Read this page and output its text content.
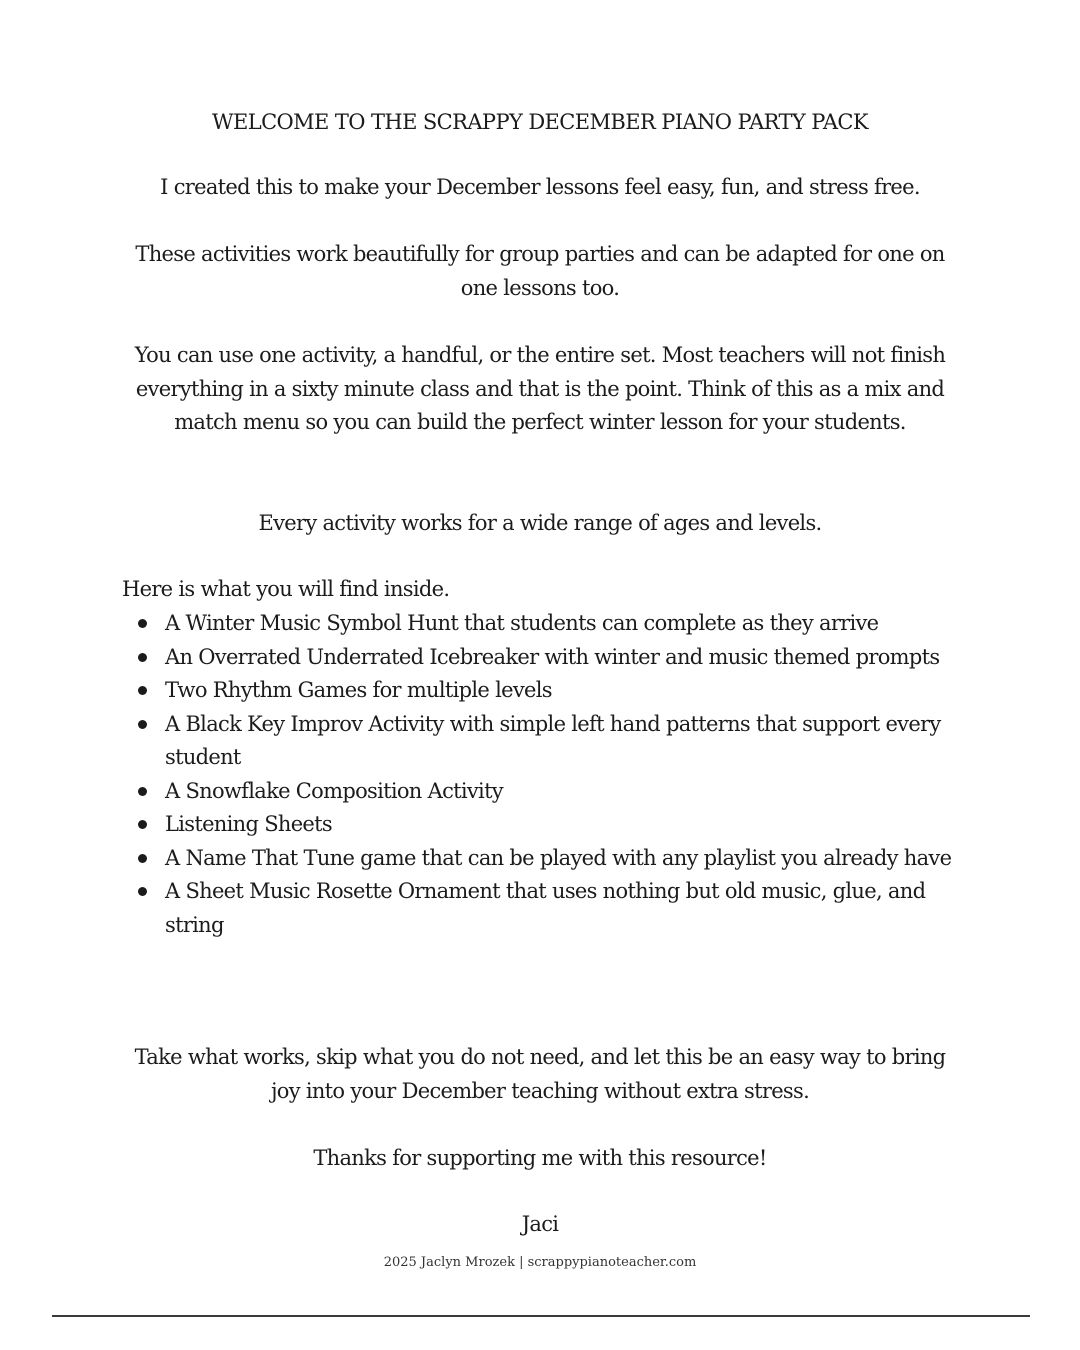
WELCOME TO THE SCRAPPY DECEMBER PIANO PARTY PACK
I created this to make your December lessons feel easy, fun, and stress free.
These activities work beautifully for group parties and can be adapted for one on one lessons too.
You can use one activity, a handful, or the entire set. Most teachers will not finish everything in a sixty minute class and that is the point. Think of this as a mix and match menu so you can build the perfect winter lesson for your students.
Every activity works for a wide range of ages and levels.
Here is what you will find inside.
A Winter Music Symbol Hunt that students can complete as they arrive
An Overrated Underrated Icebreaker with winter and music themed prompts
Two Rhythm Games for multiple levels
A Black Key Improv Activity with simple left hand patterns that support every student
A Snowflake Composition Activity
Listening Sheets
A Name That Tune game that can be played with any playlist you already have
A Sheet Music Rosette Ornament that uses nothing but old music, glue, and string
Take what works, skip what you do not need, and let this be an easy way to bring joy into your December teaching without extra stress.
Thanks for supporting me with this resource!
Jaci
2025 Jaclyn Mrozek | scrappypianoteacher.com
